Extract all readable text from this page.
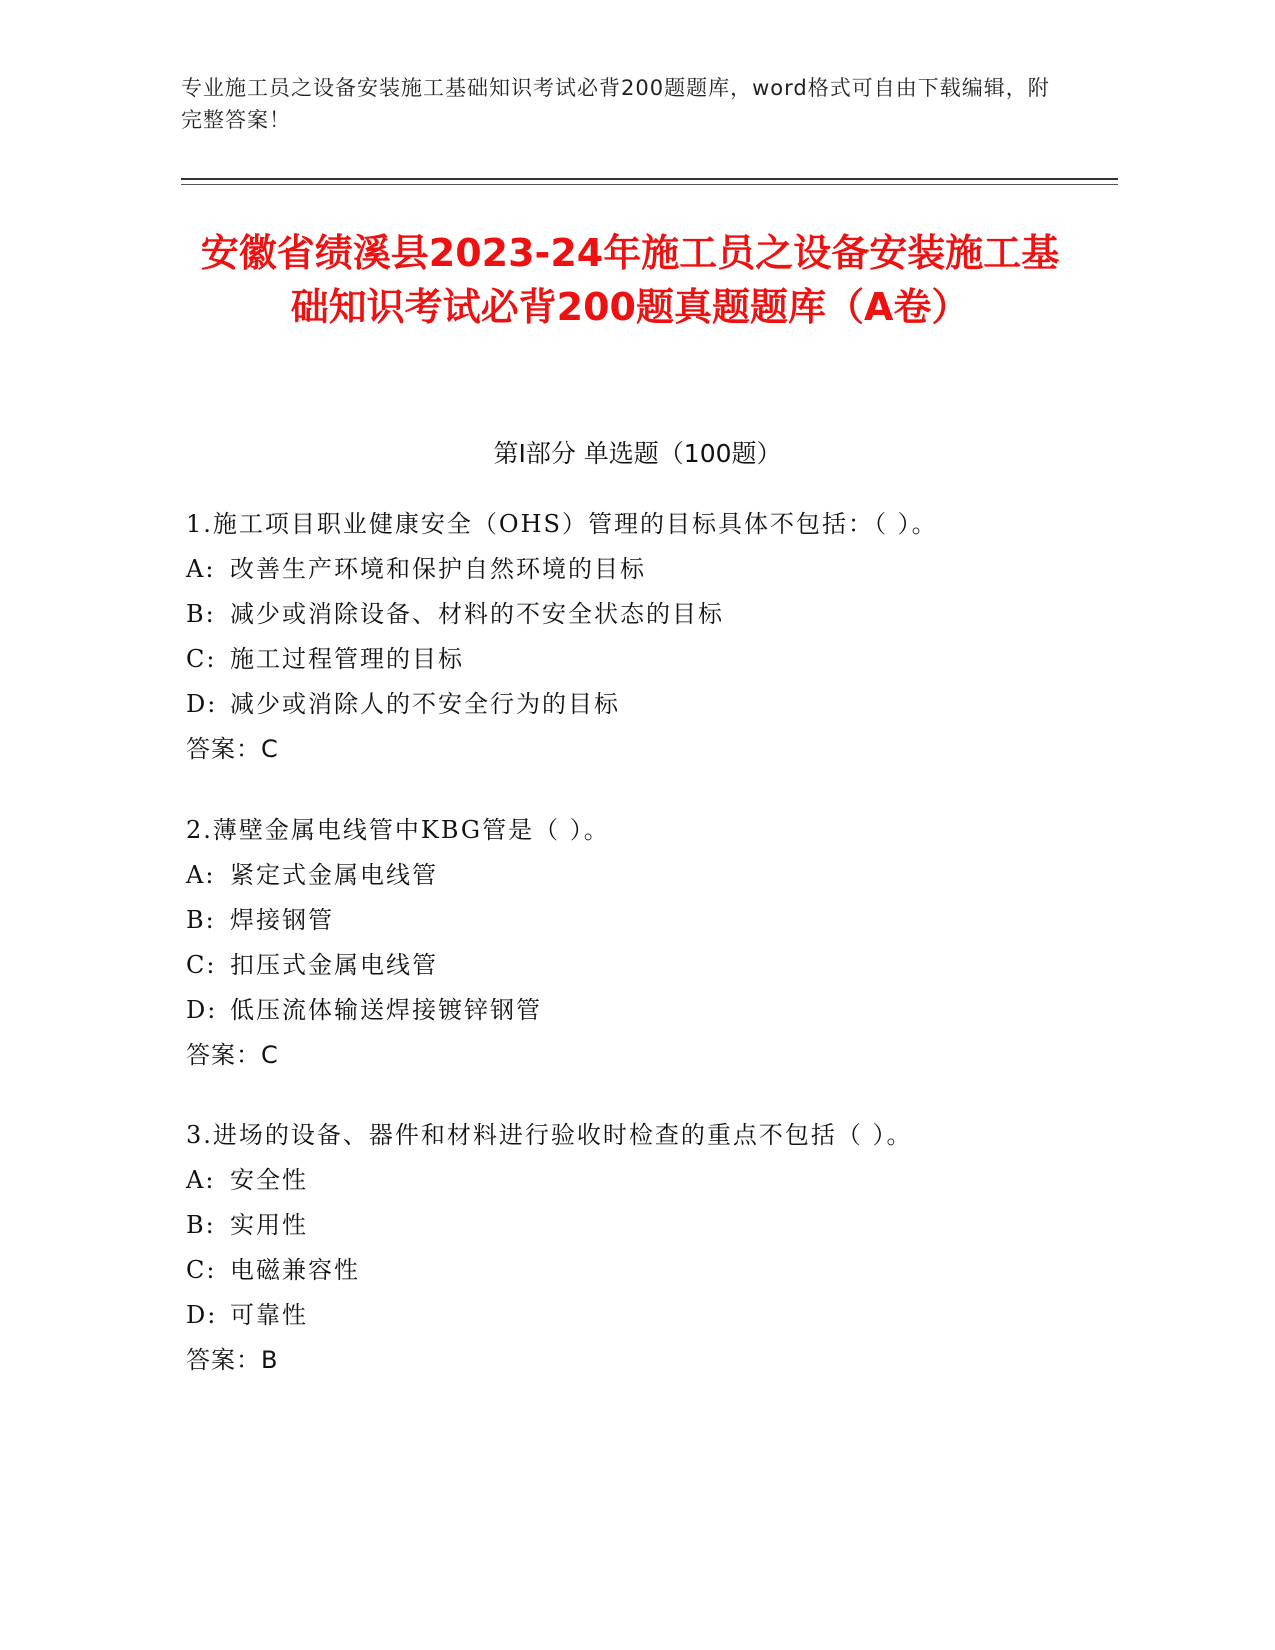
专业施工员之设备安装施工基础知识考试必背200题题库，word格式可自由下载编辑，附完整答案！
安徽省绩溪县2023-24年施工员之设备安装施工基础知识考试必背200题真题题库（A卷）
第I部分 单选题（100题）
1.施工项目职业健康安全（OHS）管理的目标具体不包括：（ ）。
A: 改善生产环境和保护自然环境的目标
B: 减少或消除设备、材料的不安全状态的目标
C: 施工过程管理的目标
D: 减少或消除人的不安全行为的目标
答案：C
2.薄壁金属电线管中KBG管是（ ）。
A: 紧定式金属电线管
B: 焊接钢管
C: 扣压式金属电线管
D: 低压流体输送焊接镀锌钢管
答案：C
3.进场的设备、器件和材料进行验收时检查的重点不包括（ ）。
A: 安全性
B: 实用性
C: 电磁兼容性
D: 可靠性
答案：B
